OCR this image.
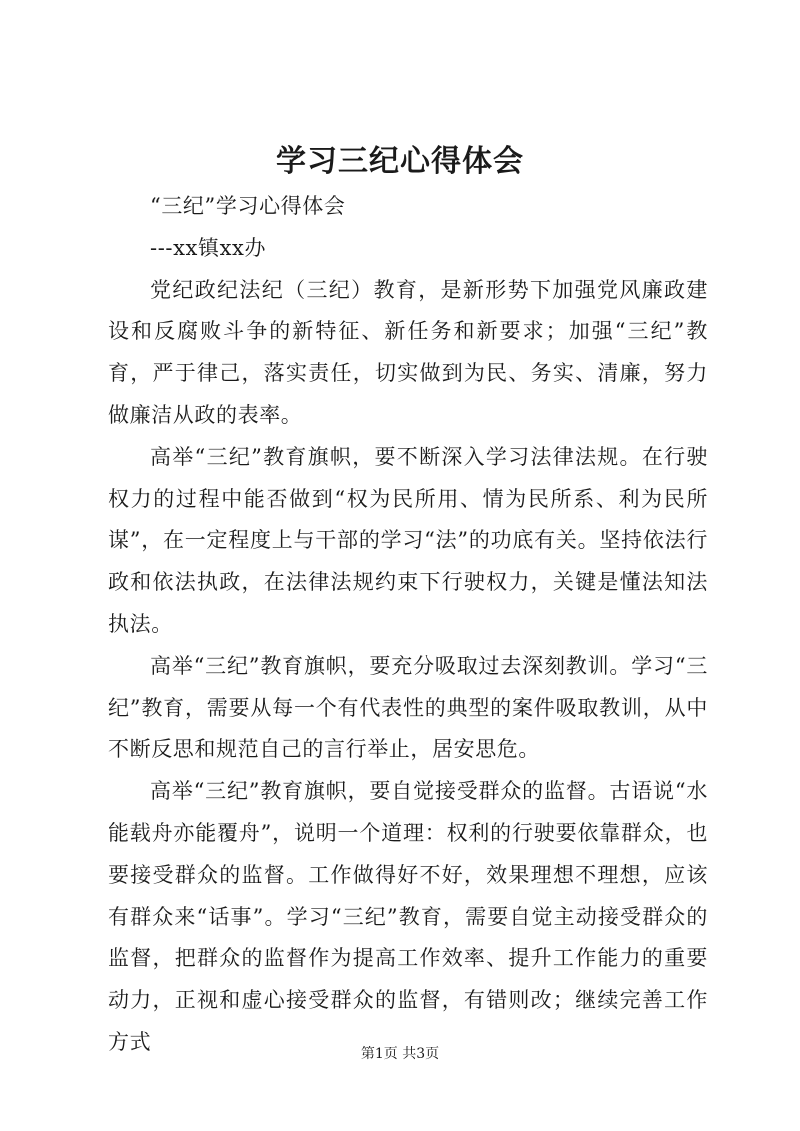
学习三纪心得体会

“三纪”学习心得体会

---xx镇xx办

党纪政纪法纪（三纪）教育，是新形势下加强党风廉政建设和反腐败斗争的新特征、新任务和新要求；加强“三纪”教育，严于律己，落实责任，切实做到为民、务实、清廉，努力做廉洁从政的表率。

高举“三纪”教育旗帜，要不断深入学习法律法规。在行驶权力的过程中能否做到“权为民所用、情为民所系、利为民所谋”，在一定程度上与干部的学习“法”的功底有关。坚持依法行政和依法执政，在法律法规约束下行驶权力，关键是懂法知法执法。

高举“三纪”教育旗帜，要充分吸取过去深刻教训。学习“三纪”教育，需要从每一个有代表性的典型的案件吸取教训，从中不断反思和规范自己的言行举止，居安思危。

高举“三纪”教育旗帜，要自觉接受群众的监督。古语说“水能载舟亦能覆舟”，说明一个道理：权利的行驶要依靠群众，也要接受群众的监督。工作做得好不好，效果理想不理想，应该有群众来“话事”。学习“三纪”教育，需要自觉主动接受群众的监督，把群众的监督作为提高工作效率、提升工作能力的重要动力，正视和虚心接受群众的监督，有错则改；继续完善工作方式

第1页 共3页
